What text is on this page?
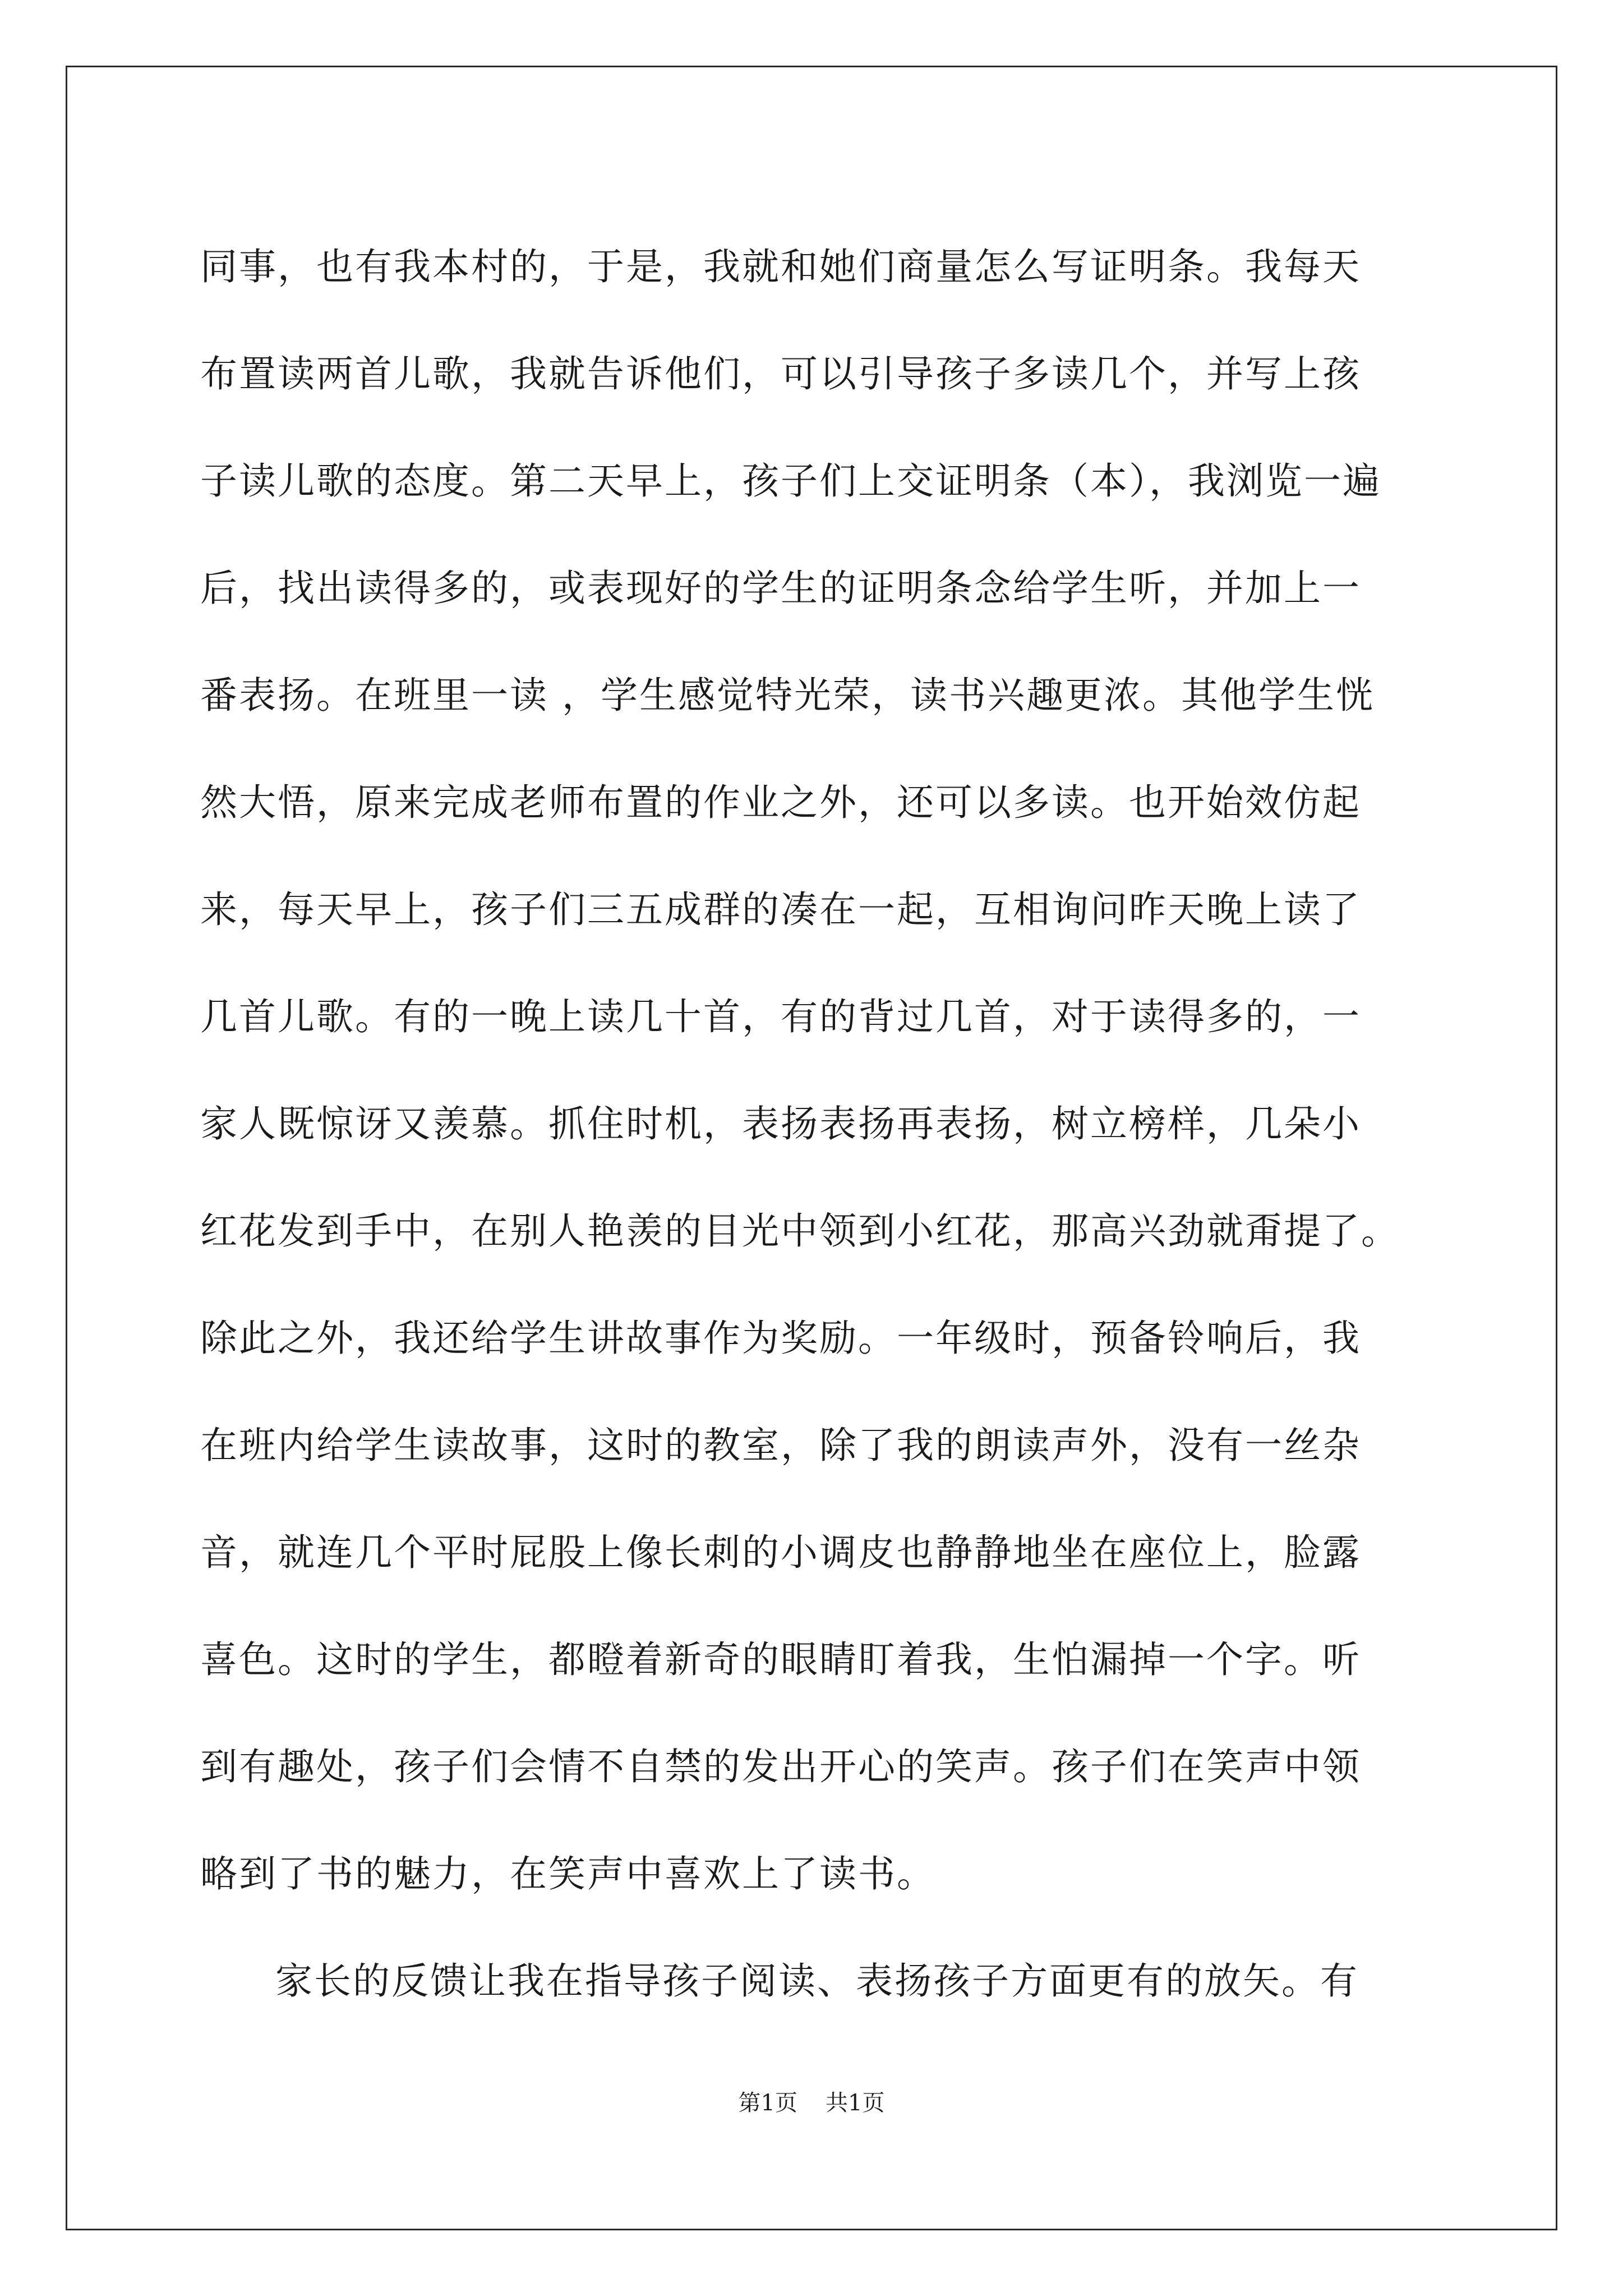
同事，也有我本村的，于是，我就和她们商量怎么写证明条。我每天
布置读两首儿歌，我就告诉他们，可以引导孩子多读几个，并写上孩
子读儿歌的态度。第二天早上，孩子们上交证明条（本），我浏览一遍
后，找出读得多的，或表现好的学生的证明条念给学生听，并加上一
番表扬。在班里一读 ，学生感觉特光荣，读书兴趣更浓。其他学生恍
然大悟，原来完成老师布置的作业之外，还可以多读。也开始效仿起
来，每天早上，孩子们三五成群的凑在一起，互相询问昨天晚上读了
几首儿歌。有的一晚上读几十首，有的背过几首，对于读得多的，一
家人既惊讶又羡慕。抓住时机，表扬表扬再表扬，树立榜样，几朵小
红花发到手中，在别人艳羡的目光中领到小红花，那高兴劲就甭提了。
除此之外，我还给学生讲故事作为奖励。一年级时，预备铃响后，我
在班内给学生读故事，这时的教室，除了我的朗读声外，没有一丝杂
音，就连几个平时屁股上像长刺的小调皮也静静地坐在座位上，脸露
喜色。这时的学生，都瞪着新奇的眼睛盯着我，生怕漏掉一个字。听
到有趣处，孩子们会情不自禁的发出开心的笑声。孩子们在笑声中领
略到了书的魅力，在笑声中喜欢上了读书。
家长的反馈让我在指导孩子阅读、表扬孩子方面更有的放矢。有
第1页 共1页
